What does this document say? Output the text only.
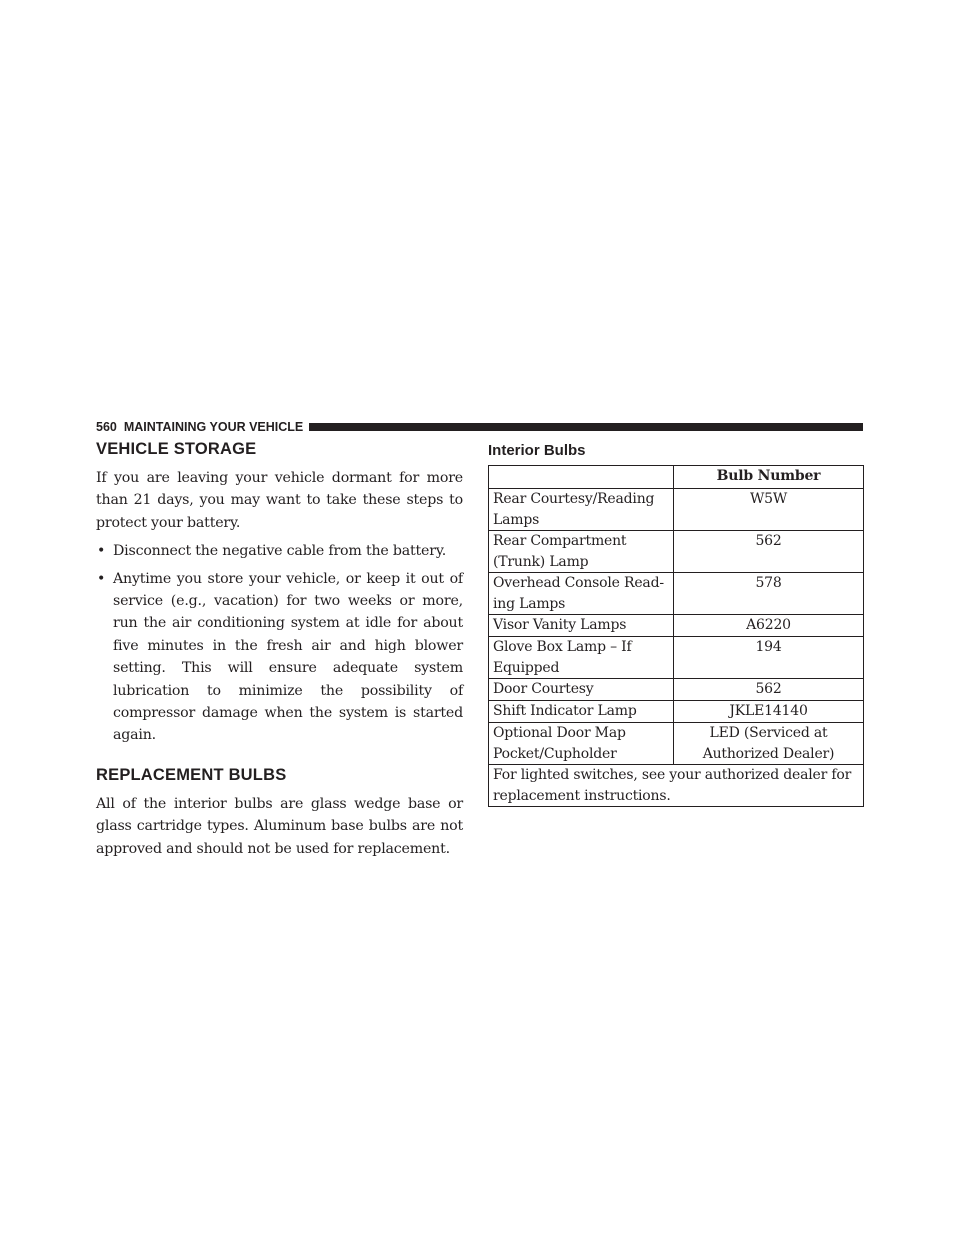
560 MAINTAINING YOUR VEHICLE
VEHICLE STORAGE

If you are leaving your vehicle dormant for more than 21 days, you may want to take these steps to protect your battery.

• Disconnect the negative cable from the battery.
• Anytime you store your vehicle, or keep it out of service (e.g., vacation) for two weeks or more, run the air conditioning system at idle for about five minutes in the fresh air and high blower setting. This will ensure adequate system lubrication to minimize the possibility of compressor damage when the system is started again.
REPLACEMENT BULBS

All of the interior bulbs are glass wedge base or glass cartridge types. Aluminum base bulbs are not approved and should not be used for replacement.

Interior Bulbs
	Bulb Number
Rear Courtesy/Reading Lamps	W5W
Rear Compartment (Trunk) Lamp	562
Overhead Console Read- ing Lamps	578
Visor Vanity Lamps	A6220
Glove Box Lamp – If Equipped	194
Door Courtesy	562
Shift Indicator Lamp	JKLE14140
Optional Door Map Pocket/Cupholder	LED (Serviced at Authorized Dealer)
For lighted switches, see your authorized dealer for replacement instructions.	
